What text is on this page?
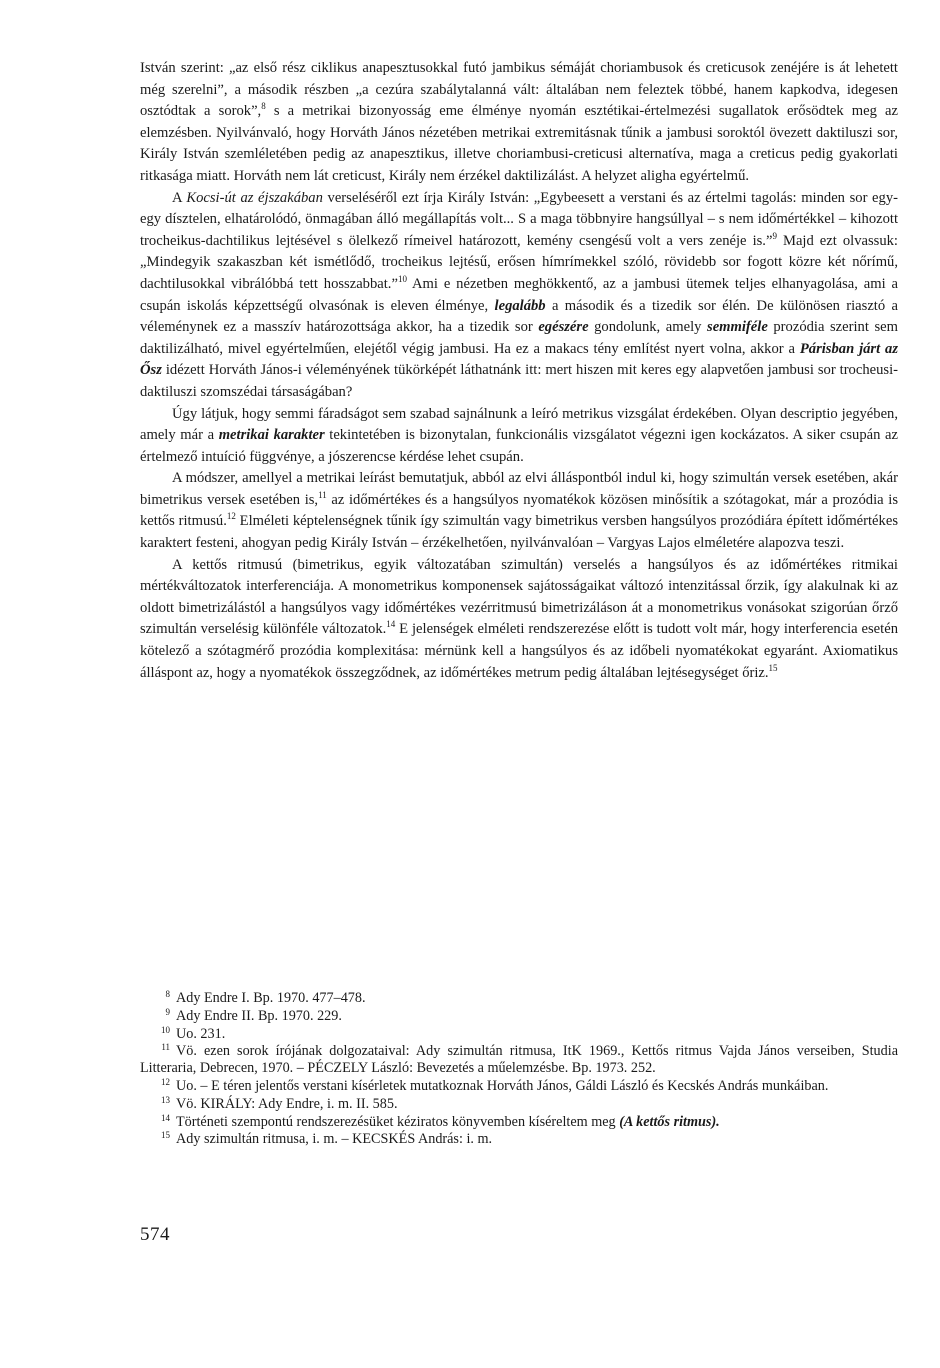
István szerint: „az első rész ciklikus anapesztusokkal futó jambikus sémáját choriambusok és creticusok zenéjére is át lehetett még szerelni”, a második részben „a cezúra szabálytalanná vált: általában nem feleztek többé, hanem kapkodva, idegesen osztódtak a sorok”,$^8$ s a metrikai bizonyosság eme élménye nyomán esztétikai-értelmezési sugallatok erősödtek meg az elemzésben. Nyilvánvaló, hogy Horváth János nézetében metrikai extremitásnak tűnik a jambusi soroktól övezett daktiluszi sor, Király István szemléletében pedig az anapesztikus, illetve choriambusi-creticusi alternatíva, maga a creticus pedig gyakorlati ritkasága miatt. Horváth nem lát creticust, Király nem érzékel daktilizálást. A helyzet aligha egyértelmű.

A Kocsi-út az éjszakában verseléséről ezt írja Király István: „Egybeesett a verstani és az értelmi tagolás: minden sor egy-egy dísztelen, elhatárolódó, önmagában álló megállapítás volt... S a maga többnyire hangsúllyal – s nem időmértékkel – kihozott trocheikus-dachtilikus lejtésével s ölelkező rímeivel határozott, kemény csengésű volt a vers zenéje is.”$^9$ Majd ezt olvassuk: „Mindegyik szakaszban két ismétlődő, trocheikus lejtésű, erősen hímrímekkel szóló, rövidebb sor fogott közre két nőrímű, dachtilusokkal vibrálóbbá tett hosszabbat.”$^{10}$ Ami e nézetben meghökkentő, az a jambusi ütemek teljes elhanyagolása, ami a csupán iskolás képzettségű olvasónak is eleven élménye, legalább a második és a tizedik sor élén. De különösen riasztó a véleménynek ez a masszív határozottsága akkor, ha a tizedik sor egészére gondolunk, amely semmiféle prozódia szerint sem daktilizálható, mivel egyértelműen, elejétől végig jambusi. Ha ez a makacs tény említést nyert volna, akkor a Párisban járt az Ősz idézett Horváth János-i véleményének tükörképét láthatnánk itt: mert hiszen mit keres egy alapvetően jambusi sor trocheusi-daktiluszi szomszédai társaságában?

Úgy látjuk, hogy semmi fáradságot sem szabad sajnálnunk a leíró metrikus vizsgálat érdekében. Olyan descriptio jegyében, amely már a metrikai karakter tekintetében is bizonytalan, funkcionális vizsgálatot végezni igen kockázatos. A siker csupán az értelmező intuíció függvénye, a jószerencse kérdése lehet csupán.

A módszer, amellyel a metrikai leírást bemutatjuk, abból az elvi álláspontból indul ki, hogy szimultán versek esetében, akár bimetrikus versek esetében is,$^{11}$ az időmértékes és a hangsúlyos nyomatékok közösen minősítik a szótagokat, már a prozódia is kettős ritmusú.$^{12}$ Elméleti képtelenségnek tűnik így szimultán vagy bimetrikus versben hangsúlyos prozódiára épített időmértékes karaktert festeni, ahogyan pedig Király István – érzékelhetően, nyilvánvalóan – Vargyas Lajos elméletére alapozva teszi.

A kettős ritmusú (bimetrikus, egyik változatában szimultán) verselés a hangsúlyos és az időmértékes ritmikai mértékváltozatok interferenciája. A monometrikus komponensek sajátosságaikat változó intenzitással őrzik, így alakulnak ki az oldott bimetrizálástól a hangsúlyos vagy időmértékes vezérritmusú bimetrizáláson át a monometrikus vonásokat szigorúan őrző szimultán verselésig különféle változatok.$^{14}$ E jelenségek elméleti rendszerezése előtt is tudott volt már, hogy interferencia esetén kötelező a szótagmérő prozódia komplexitása: mérnünk kell a hangsúlyos és az időbeli nyomatékokat egyaránt. Axiomatikus álláspont az, hogy a nyomatékok összegződnek, az időmértékes metrum pedig általában lejtésegységet őriz.$^{15}$

$^8$ Ady Endre I. Bp. 1970. 477–478.
$^9$ Ady Endre II. Bp. 1970. 229.
$^{10}$ Uo. 231.
$^{11}$ Vö. ezen sorok írójának dolgozataival: Ady szimultán ritmusa, ItK 1969., Kettős ritmus Vajda János verseiben, Studia Litteraria, Debrecen, 1970. – PÉCZELY László: Bevezetés a műelemzésbe. Bp. 1973. 252.
$^{12}$ Uo. – E téren jelentős verstani kísérletek mutatkoznak Horváth János, Gáldi László és Kecskés András munkáiban.
$^{13}$ Vö. KIRÁLY: Ady Endre, i. m. II. 585.
$^{14}$ Történeti szempontú rendszerezésüket kéziratos könyvemben kíséreltem meg (A kettős ritmus).
$^{15}$ Ady szimultán ritmusa, i. m. – KECSKÉS András: i. m.
574
